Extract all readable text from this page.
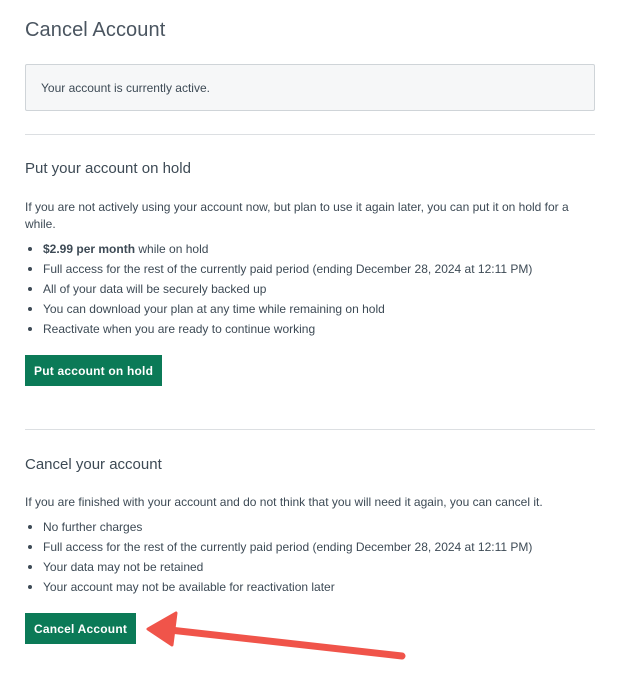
Cancel Account
Your account is currently active.
Put your account on hold

If you are not actively using your account now, but plan to use it again later, you can put it on hold for a while.

$2.99 per month while on hold
Full access for the rest of the currently paid period (ending December 28, 2024 at 12:11 PM)
All of your data will be securely backed up
You can download your plan at any time while remaining on hold
Reactivate when you are ready to continue working
Put account on hold
Cancel your account

If you are finished with your account and do not think that you will need it again, you can cancel it.

No further charges
Full access for the rest of the currently paid period (ending December 28, 2024 at 12:11 PM)
Your data may not be retained
Your account may not be available for reactivation later
Cancel Account
